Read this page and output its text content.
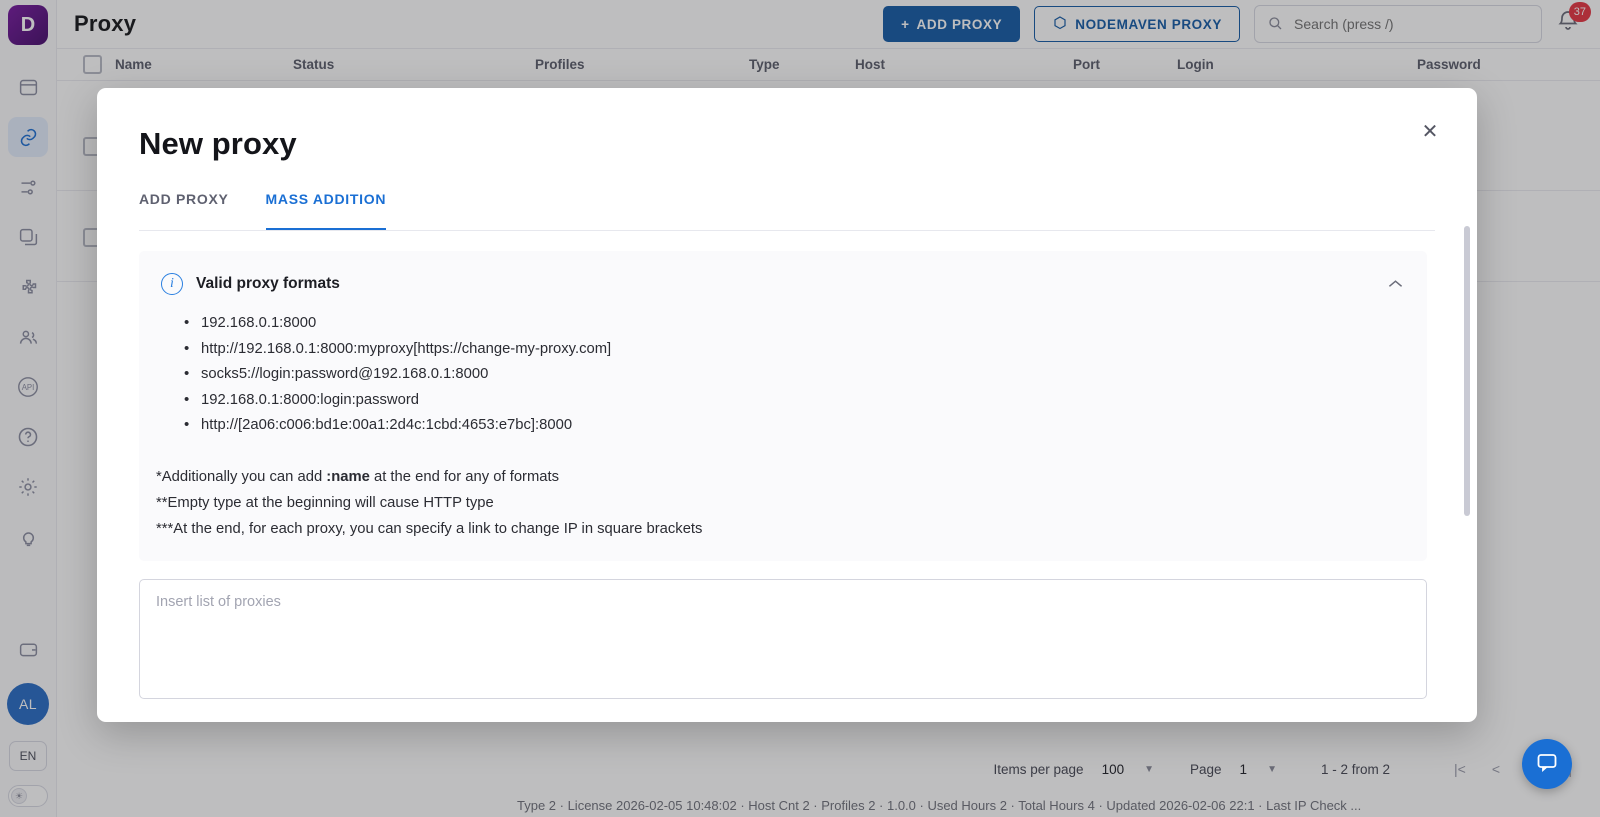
D
API
AL
EN
☀
Proxy	+ ADD PROXY	NODEMAVEN PROXY
Search (press /)
37
Name	Status	Profiles	Type	Host	Port	Login	Password
Items per page 100 ▼	Page 1 ▼	1 - 2 from 2	|< <
Type 2 · License 2026-02-05 10:48:02 · Host Cnt 2 · Profiles 2 · 1.0.0 · Used Hours 2 · Total Hours 4 · Updated 2026-02-06 22:1 · Last IP Check ...
New proxy	✕
ADD PROXY	MASS ADDITION
i	Valid proxy formats
• 192.168.0.1:8000
• http://192.168.0.1:8000:myproxy[https://change-my-proxy.com]
• socks5://login:password@192.168.0.1:8000
• 192.168.0.1:8000:login:password
• http://[2a06:c006:bd1e:00a1:2d4c:1cbd:4653:e7bc]:8000
*Additionally you can add :name at the end for any of formats
**Empty type at the beginning will cause HTTP type
***At the end, for each proxy, you can specify a link to change IP in square brackets
Insert list of proxies
